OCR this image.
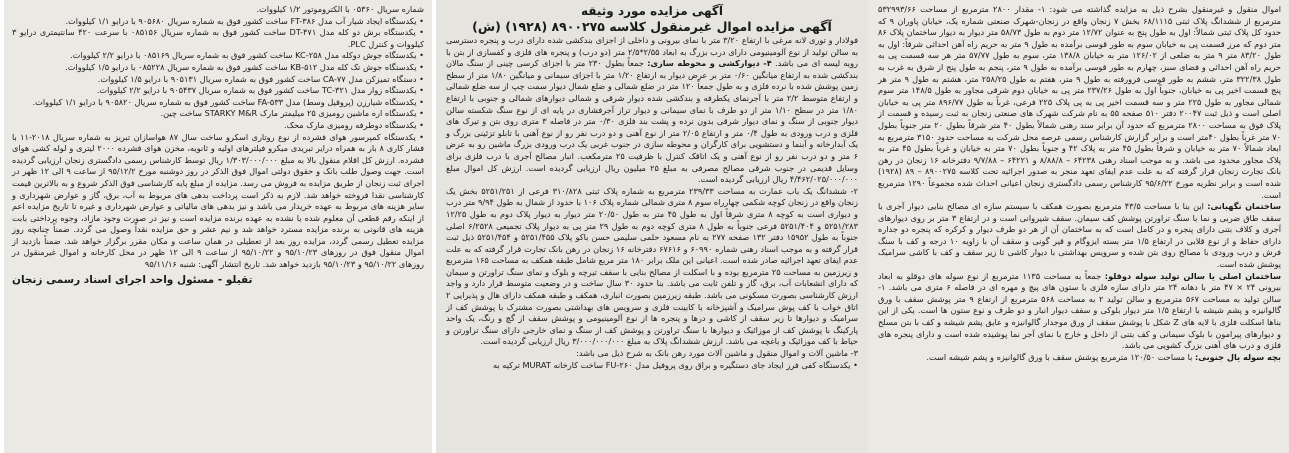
اموال منقول و غیرمنقول بشرح ذیل به مزایده گذاشته می شود: ۱- مقدار ۲۸۰۰ مترمربع از مساحت ۵۳۲۹۹۳/۶۶ مترمربع از ششدانگ پلاک ثبتی ۶۸/۱۱۱۵ بخش ۷ زنجان واقع در زنجان-شهرک صنعتی شماره یک، خیابان پاوران ۹ که حدود کل پلاک ثبتی شمالاً: اول به طول پنج به عنوان ۱۲/۷۲ متر دوم به طول ۵۸/۷۳ متر دیوار به دیوار ساختمان پلاک ۸۶ متر دوم که مرز قسمت پی به خیابان سوم به طور قوسی برآمده به طول ۹ متر به حریم راه آهن احداثی شرقاً: اول به طول ۸۳/۲۰ متر ۹ متر به ضلعی از ۱۲۶/۰۲ متر به خیابان ۱۳۸/۸ متر، سوم به طول ۵۷/۷۷ متر هر سه قسمت پی به حریم راه آهن احداثی و فضای سبز، چهارم به طور قوسی برآمده به طول ۹ متر، پنجم به طول پنج از شرق به غرب به طول ۳۲۲/۳۸ متر، ششم به طور قوسی فرورفته به طول ۹ متر، هفتم به طول ۲۵۸/۲۵ متر، هشتم به طول ۹ متر هر پنج قسمت اخیر پی به خیابان، جنوباً اول به طول ۲۳۷/۲۶ متر پی به خیابان دوم شرقی مجاور به طول ۱۴۸/۵ متر سوم شمالی مجاور به طول ۲۲۵ متر و سه قسمت اخیر پی به پی پلاک ۲۲۵ فرعی، غرباً به طول ۸۹۶/۷۷ متر پی به خیابان اصلی است و ذیل ثبت ۲۰۰۴۷ دفتر ۵۱۰ صفحه ۵۵ به نام شرکت شهرک های صنعتی زنجان به ثبت رسیده و قسمت از پلاک فوق به مساحت ۲۸۰۰ مترمربع که حدود آن برابر سند رهنی شمالاً بطول ۴۰ متر شرقاً بطول ۲۰ متر جنوباً بطول ۷۰ متر غرباً بطول ۴۰متر است و برابر گزارش کارشناس رسمی عرصه محل شرکت به مساحت حدود ۳۱۵۰ مترمربع به ابعاد شمالاً ۷۰ متر به خیابان و شرقاً بطول ۴۵ متر به پلاک ۴۲ و جنوباً بطول ۷۰ متر به خیابان و غرباً بطول ۴۵ متر به پلاک مجاور محدود می باشد. و به موجب اسناد رهنی ۶۴۲۳۸ – ۸/۸۸/۸ و ۶۴۲۲۱ – ۹/۷/۸۸ دفترخانه ۱۶ زنجان در رهن بانک تجارت زنجان قرار گرفته که به علت عدم ایفای تعهد منجر به صدور اجرائیه تحت کلاسه ۸۹۰۰۲۷۵ – ۸۹ (۱۹۲۸) شده است و برابر نظریه مورخ ۹۵/۶/۲۲ کارشناس رسمی دادگستری زنجان اعیانی احداث شده مجموعاً ۱۲۹۰ مترمربع است.

ساختمان نگهبانی: این بنا با مساحت ۴۳/۵ مترمربع بصورت همکف با سیستم سازه ای مصالح بنایی دیوار آجری با سقف طاق ضربی و نما با سنگ تراورتن پوشش کف سیمان. سقف شیروانی است و در ارتفاع ۳ متر بر روی دیوارهای آجری و کلاف بتنی دارای پنجره و در کامل است که به ساختمان آن از هر دو طرف دیوار و کرکره که پنجره دو جداره دارای حفاظ و از نوع قلابی در ارتفاع ۱/۵ متر بسته ایزوگام و قیر گونی و سقف آن با زاویه ۱۰ درجه و کف با سنگ فرش و درب ورودی با مصالح روی بتن شده و سرویس بهداشتی با دیوار کاشی تا زیر سقف و کف با کاشی سرامیک پوشش شده است.

ساختمان اصلی یا سالن تولید سوله دوقلو: جمعاً به مساحت ۱۱۳۵ مترمربع از نوع سوله های دوقلو به ابعاد بیرونی ۲۴ × ۴۷ متر با دهانه ۲۴ متر دارای سازه فلزی با ستون های پیچ و مهره ای در فاصله ۶ متری می باشد. ۱- سالن تولید به مساحت ۵۶۷ مترمربع و سالن تولید ۲ به مساحت ۵۶۸ مترمربع از ارتفاع ۹ متر پوشش سقف با ورق گالوانیزه و پشم شیشه با ارتفاع ۱/۵ متر دیوار بلوکی و سقف دیوار انبار و دو طرف و نوع ستون ها است. یکی از این بناها اسکلت فلزی با لایه های Z شکل با پوشش سقف از ورق موجدار گالوانیزه و عایق پشم شیشه و کف با بتن مسلح و دیوارهای پیرامون با بلوک سیمانی و کف بتنی از داخل و خارج با نمای آجر نما پوشیده شده است و دارای پنجره های فلزی و درب های آهنی بزرگ کشویی می باشد.

بچه سوله یال جنوبی: با مساحت ۱۲۰/۵۰ مترمربع پوشش سقف با ورق گالوانیزه و پشم شیشه است.

آگهی مزایده مورد وثیقه
آگهی مزایده اموال غیرمنقول کلاسه ۸۹۰۰۲۷۵ (۱۹۲۸) (ش)

فولادار و توری لانه مرغی با ارتفاع ۳/۲۰ متر با نمای بیرونی و داخلی از اجزای بندکشی شده دارای درب و پنجره دسترسی به سالن تولید از نوع آلومینیومی دارای درب بزرگ به ابعاد ۲/۵۵*۲/۵ متر (دو درب) و پنجره های فلزی و کفسازی از بتن با رویه لیسه ای می باشد. ۴- دیوارکشی و محوطه سازی: جمعاً بطول ۲۳۰ متر با اجزای کرسی چینی از سنگ مالان بندکشی شده به ارتفاع میانگین ۰/۶۰ متر بر عرض دیوار به ارتفاع ۱/۲۰ متر با اجزای سیمانی و میانگین ۱/۸۰ متر از سطح زمین پوشش شده با نرده فلزی و به طول جمعاً ۱۲۰ متر در ضلع شمالی و ضلع شمال دیوار سمت چپ از سه ضلع شمالی و ارتفاع متوسط ۲/۲ متر با آجرنمای یکطرفه و بندکشی شده دیوار شرقی و شمالی دیوارهای شمالی و جنوبی با ارتفاع ۱/۸۰ متر در سطح ۱/۱۰ متر از دو طرف با نمای سیمانی و دیوار تراز آجرفشاری در پایه ای از نوع سنگ شکسته سالن دیوار جنوبی از سنگ و نمای دیوار شرقی بدون نرده و پشت بند فلزی ۰/۳۰ متر در فاصله ۳ متری روی بتن و تیرک های فلزی و درب ورودی به طول ۰/۴ متر و ارتفاع ۲/۰۵ متر از نوع آهنی و دو درب نفر رو از نوع آهنی با تابلو تزئینی بزرگ و یک آبدارخانه و آبنما و دستشویی برای کارگران و محوطه سازی در جنوب غربی یک درب ورودی بزرگ ماشین رو به عرض ۶ متر و دو درب نفر رو از نوع آهنی و یک اتاقک کنترل با ظرفیت ۲۵ مترمکعب. انبار مصالح آجری با درب فلزی برای وسایل قدیمی در جنوب شرقی مصالح مصرفی به مبلغ ۲۵ میلیون ریال ارزیابی گردیده است. ارزش کل اموال مبلغ ۴/۴۶۲/۰۲۵/۰۰۰/۰۰۰ ریال ارزیابی گردیده است.

۲- ششدانگ یک باب عمارت به مساحت ۲۳۹/۳۳ مترمربع به شماره پلاک ثبتی ۳۱۰/۸۲۸ فرعی از ۵۲۵۱/۲۵۱ بخش یک زنجان واقع در زنجان کوچه شکمی چهارراه سوم ۸ متری شمالی شماره پلاک ۱۰۶ با حدود از شمال به طول ۹/۹۴ متر درب و دیواری است به کوچه ۸ متری شرقاً اول به طول ۴۵ متر به طول ۲۰/۵۰ متر دیوار به دیوار پلاک دوم به طول ۱۲/۲۵ ۵۲۵۱/۲۸۳ و ۵۲۵۱/۴۰۴ فرعی جنوباً به طول ۸ متری کوچه دوم به طول ۲۹ متر پی به دیوار پلاک تجمیعی ۶/۲۵۲۸ اصلی جنوباً به طول ۱۵۹۵۲ دفتر ۱۳۲ صفحه ۲۷۷ به نام مسعود حلمی سلیمی حسن باکو پلاک ۵۲۵۱/۴۵۵ و ۵۲۵۱/۴۵۴ ذیل ثبت قرار گرفته و به موجب اسناد رهنی شماره ۶۰۹۹۰ و ۶۷۶۱۶ دفترخانه ۱۶ زنجان در رهن بانک تجارت قرار گرفته که به علت عدم ایفای تعهد اجرائیه صادر شده است. اعیانی این ملک برابر ۱۸۰ متر مربع شامل طبقه همکف به مساحت ۱۶۵ مترمربع و زیرزمین به مساحت ۲۵ مترمربع بوده و با اسکلت از مصالح بنایی با سقف تیرچه و بلوک و نمای سنگ تراورتن و سیمان که دارای انشعابات آب، برق، گاز و تلفن ثابت می باشد. بنا حدود ۳۰ سال ساخت و در وضعیت متوسط قرار دارد و واجد ارزش کارشناسی بصورت مسکونی می باشد. طبقه زیرزمین بصورت انباری، همکف و طبقه همکف دارای هال و پذیرایی ۲ اتاق خواب با کف پوش سرامیک و آشپزخانه با کابینت فلزی و سرویس های بهداشتی بصورت مشترک با پوشش کف از سرامیک و دیوارها تا زیر سقف از کاشی و درها و پنجره ها از نوع آلومینیومی و پوشش سقف از گچ و رنگ، یک واحد پارکینگ با پوشش کف از موزائیک و دیوارها با سنگ تراورتن و پوشش کف از سنگ و نمای خارجی دارای سنگ تراورتن و حیاط با کف موزائیک و باغچه می باشد. ارزش ششدانگ پلاک به مبلغ ۳/۰۰۰/۰۰۰/۰۰۰ ریال ارزیابی گردیده است.

۳- ماشین آلات و اموال منقول و ماشین آلات مورد رهن بانک به شرح ذیل می باشد:

• یکدستگاه کفی فرز ایجاد جای دستگیره و براق روی پروفیل مدل FU-۲۶۰ ساخت کارخانه MURAT ترکیه به

شماره سریال ۰۵۳۶۰ با الکتروموتور ۱/۲ کیلووات.

• یکدستگاه ایجاد شیار آب مدل FT-۳۸۶ ساخت کشور فوق به شماره سریال ۹۰۵۶۸۰ با درایو ۱/۱ کیلووات.

• یکدستگاه برش دو کله مدل DT-۴۷۱ ساخت کشور فوق به شماره سریال ۰۸۵۱۵۶ با سرعت ۴۲۰ سانتیمتری درایو ۳ کیلووات و کنترل PLC.

• یکدستگاه جوش دوکله مدل KC-۲۵۸ ساخت کشور فوق به شماره سریال ۰۸۵۱۶۹ با درایو ۲/۲ کیلووات.

• یکدستگاه جوش تک کله مدل KB-۵۱۲ ساخت کشور فوق به شماره سریال ۰۸۵۲۲۸ با درایو ۱/۵ کیلووات.

• دستگاه تمیزکن مدل CA-۷۷ ساخت کشور فوق به شماره سریال ۹۰۵۱۳۱ با درایو ۱/۵ کیلووات.

• یکدستگاه زوار مدل TC-۳۲۱ ساخت کشور فوق به شماره سریال ۹۰۵۴۳۷ با درایو ۲/۲ کیلووات.

• یکدستگاه شیارزن (پروفیل وسط) مدل FA-۵۳۳ ساخت کشور فوق به شماره سریال ۹۰۵۸۲۰ با درایو ۱/۱ کیلووات.

• یکدستگاه اره ماشین رومیزی ۲۵ میلیمتر مارک STARKY M&R ساخت چین.

• یکدستگاه دوطرفه رومیزی مارک محک.

• یکدستگاه کمپرسور هوای فشرده از نوع روتاری اسکرو ساخت سال ۸۷ هواسازان تبریز به شماره سریال ۲۰۱۸-۱۱ با فشار کاری ۸ بار به همراه درایر تبریدی میکرو فیلترهای اولیه و ثانویه، مخزن هوای فشرده ۲۰۰۰ لیتری و لوله کشی هوای فشرده. ارزش کل اقلام منقول بالا به مبلغ ۱/۳۰۳/۰۰۰/۰۰۰ ریال توسط کارشناس رسمی دادگستری زنجان ارزیابی گردیده است. جهت وصول طلب بانک و حقوق دولتی اموال فوق الذکر در روز دوشنبه مورخ ۹۵/۱۲/۲ از ساعت ۹ الی ۱۲ ظهر در اجرای ثبت زنجان از طریق مزایده به فروش می رسد. مزایده از مبلغ پایه کارشناسی فوق الذکر شروع و به بالاترین قیمت کارشناسی نقدا فروخته خواهد شد. لازم به ذکر است پرداخت بدهی های مربوط به آب، برق، گاز و عوارض شهرداری و سایر هزینه های مربوط به عهده خریدار می باشد و نیز بدهی های مالیاتی و عوارض شهرداری و غیره تا تاریخ مزایده اعم از اینکه رقم قطعی آن معلوم شده یا نشده به عهده برنده مزایده است و نیز در صورت وجود مازاد، وجوه پرداختی بابت هزینه های قانونی به برنده مزایده مسترد خواهد شد و نیم عشر و حق مزایده نقداً وصول می گردد. ضمناً چنانچه روز مزایده تعطیل رسمی گردد، مزایده روز بعد از تعطیلی در همان ساعت و مکان مقرر برگزار خواهد شد. ضمناً بازدید از اموال منقول فوق در روزهای ۹۵/۱۰/۲۳ و ۹۵/۱۰/۲۲ از ساعت ۹ الی ۱۲ ظهر در محل کارخانه و اموال غیرمنقول در روزهای ۹۵/۱۰/۲۲ و ۹۵/۱۰/۲۳ بازدید خواهد شد. تاریخ انتشار آگهی: شنبه ۹۵/۱۱/۱۶

تقیلو - مسئول واحد اجرای اسناد رسمی زنجان
